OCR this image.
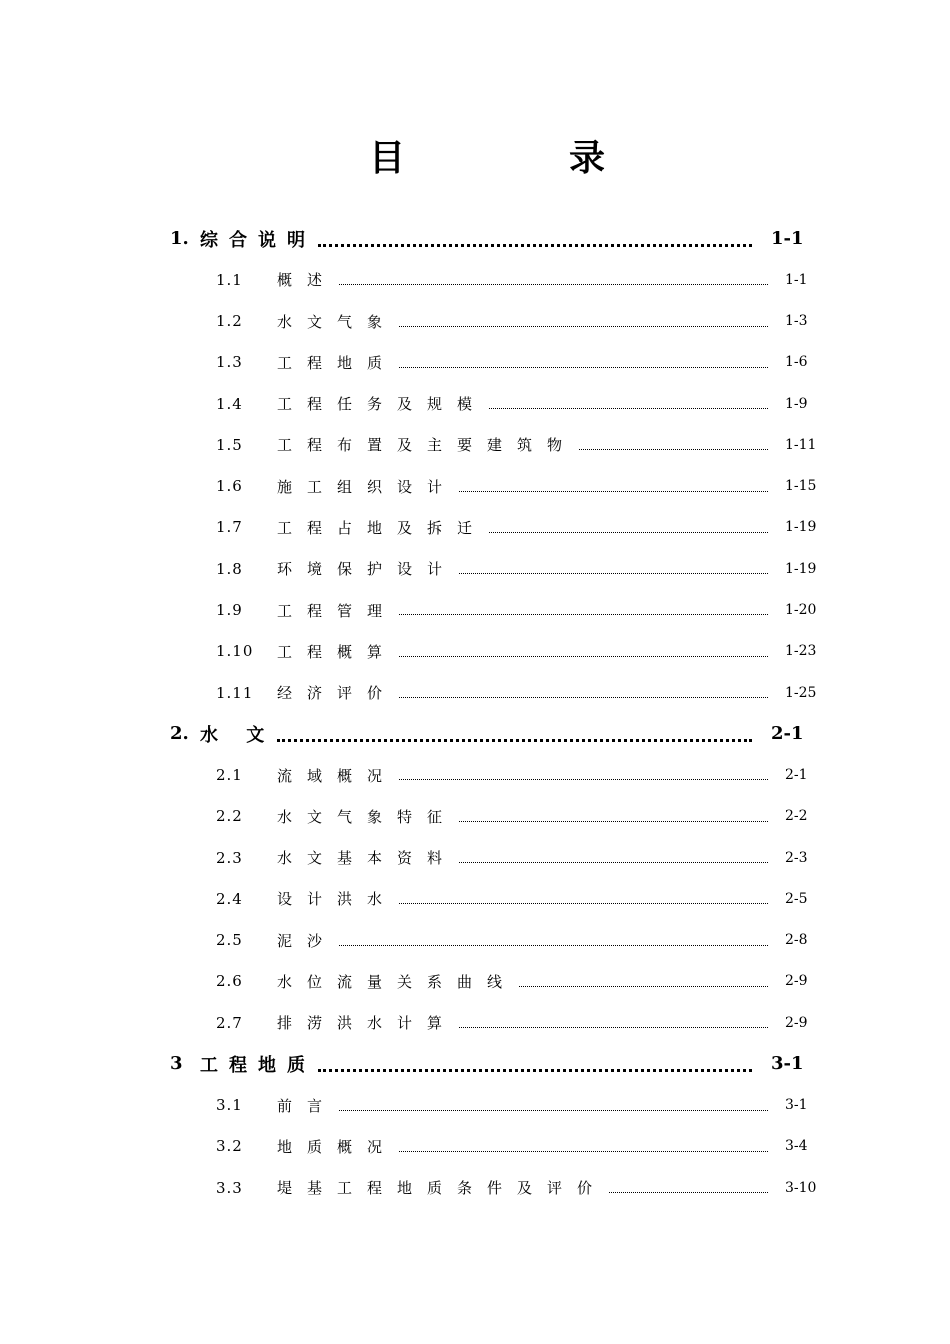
目	录
1. 综合说明	1-1
1.1 概述	1-1
1.2 水文气象	1-3
1.3 工程地质	1-6
1.4 工程任务及规模	1-9
1.5 工程布置及主要建筑物	1-11
1.6 施工组织设计	1-15
1.7 工程占地及拆迁	1-19
1.8 环境保护设计	1-19
1.9 工程管理	1-20
1.10 工程概算	1-23
1.11 经济评价	1-25
2. 水 文	2-1
2.1 流域概况	2-1
2.2 水文气象特征	2-2
2.3 水文基本资料	2-3
2.4 设计洪水	2-5
2.5 泥沙	2-8
2.6 水位流量关系曲线	2-9
2.7 排涝洪水计算	2-9
3 工程地质	3-1
3.1 前言	3-1
3.2 地质概况	3-4
3.3 堤基工程地质条件及评价	3-10
